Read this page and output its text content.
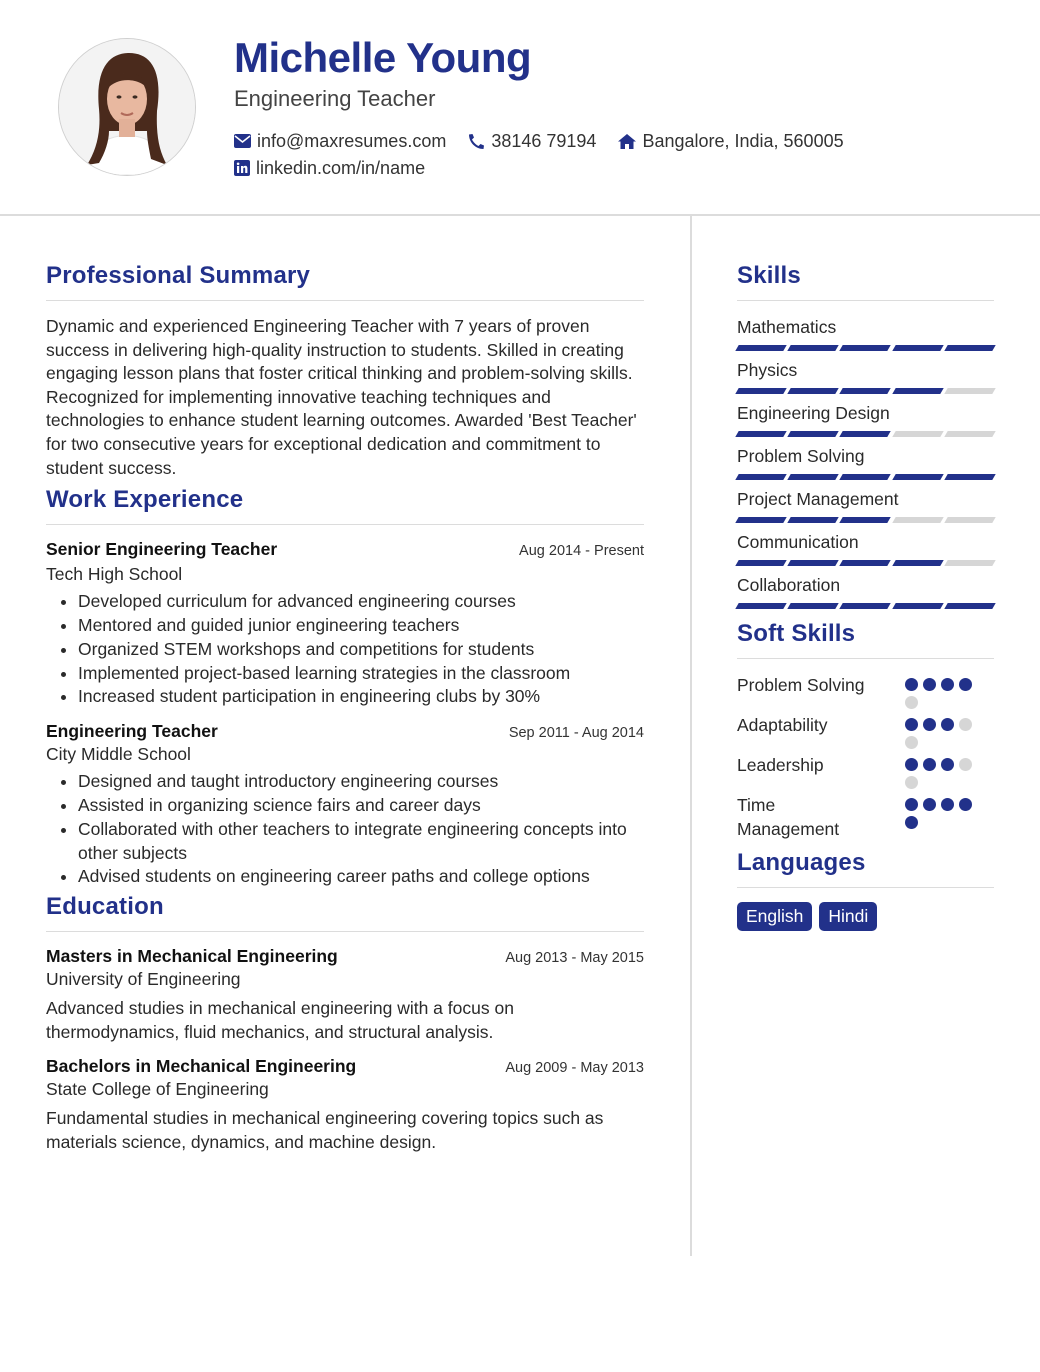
Michelle Young
Engineering Teacher
info@maxresumes.com	38146 79194	Bangalore, India, 560005
linkedin.com/in/name
Professional Summary
Dynamic and experienced Engineering Teacher with 7 years of proven success in delivering high-quality instruction to students. Skilled in creating engaging lesson plans that foster critical thinking and problem-solving skills. Recognized for implementing innovative teaching techniques and technologies to enhance student learning outcomes. Awarded 'Best Teacher' for two consecutive years for exceptional dedication and commitment to student success.
Work Experience
Senior Engineering Teacher	Aug 2014 - Present
Tech High School
• Developed curriculum for advanced engineering courses
• Mentored and guided junior engineering teachers
• Organized STEM workshops and competitions for students
• Implemented project-based learning strategies in the classroom
• Increased student participation in engineering clubs by 30%
Engineering Teacher	Sep 2011 - Aug 2014
City Middle School
• Designed and taught introductory engineering courses
• Assisted in organizing science fairs and career days
• Collaborated with other teachers to integrate engineering concepts into other subjects
• Advised students on engineering career paths and college options
Education
Masters in Mechanical Engineering	Aug 2013 - May 2015
University of Engineering
Advanced studies in mechanical engineering with a focus on thermodynamics, fluid mechanics, and structural analysis.
Bachelors in Mechanical Engineering	Aug 2009 - May 2013
State College of Engineering
Fundamental studies in mechanical engineering covering topics such as materials science, dynamics, and machine design.
Skills
Mathematics
Physics
Engineering Design
Problem Solving
Project Management
Communication
Collaboration
Soft Skills
Problem Solving
Adaptability
Leadership
Time Management
Languages
English	Hindi
